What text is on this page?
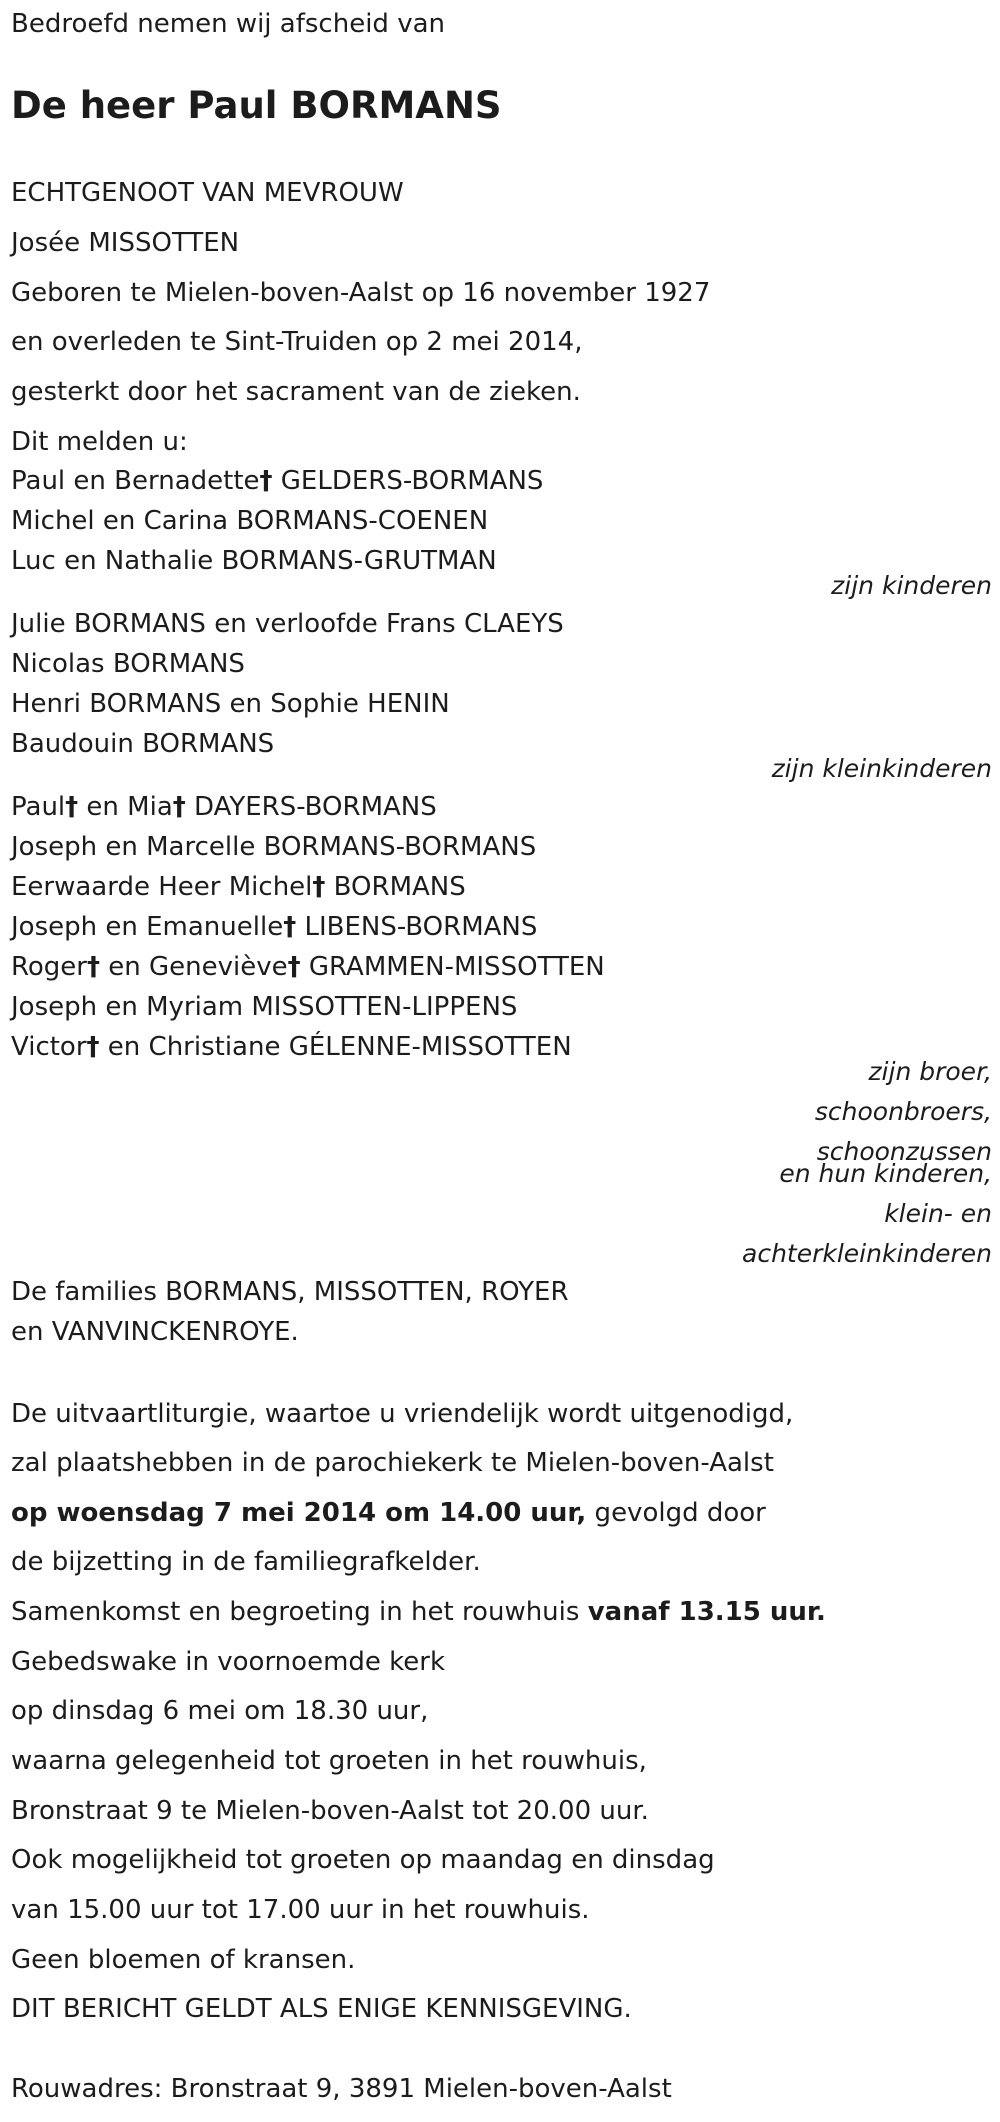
Bedroefd nemen wij afscheid van
De heer Paul BORMANS
ECHTGENOOT VAN MEVROUW
Josée MISSOTTEN
Geboren te Mielen-boven-Aalst op 16 november 1927
en overleden te Sint-Truiden op 2 mei 2014,
gesterkt door het sacrament van de zieken.
Dit melden u:
Paul en Bernadette† GELDERS-BORMANS
Michel en Carina BORMANS-COENEN
Luc en Nathalie BORMANS-GRUTMAN
zijn kinderen
Julie BORMANS en verloofde Frans CLAEYS
Nicolas BORMANS
Henri BORMANS en Sophie HENIN
Baudouin BORMANS
zijn kleinkinderen
Paul† en Mia† DAYERS-BORMANS
Joseph en Marcelle BORMANS-BORMANS
Eerwaarde Heer Michel† BORMANS
Joseph en Emanuelle† LIBENS-BORMANS
Roger† en Geneviève† GRAMMEN-MISSOTTEN
Joseph en Myriam MISSOTTEN-LIPPENS
Victor† en Christiane GÉLENNE-MISSOTTEN
zijn broer,
schoonbroers,
schoonzussen
en hun kinderen,
klein- en
achterkleinkinderen
De families BORMANS, MISSOTTEN, ROYER
en VANVINCKENROYE.
De uitvaartliturgie, waartoe u vriendelijk wordt uitgenodigd,
zal plaatshebben in de parochiekerk te Mielen-boven-Aalst
op woensdag 7 mei 2014 om 14.00 uur, gevolgd door
de bijzetting in de familiegrafkelder.
Samenkomst en begroeting in het rouwhuis vanaf 13.15 uur.
Gebedswake in voornoemde kerk
op dinsdag 6 mei om 18.30 uur,
waarna gelegenheid tot groeten in het rouwhuis,
Bronstraat 9 te Mielen-boven-Aalst tot 20.00 uur.
Ook mogelijkheid tot groeten op maandag en dinsdag
van 15.00 uur tot 17.00 uur in het rouwhuis.
Geen bloemen of kransen.
DIT BERICHT GELDT ALS ENIGE KENNISGEVING.
Rouwadres: Bronstraat 9, 3891 Mielen-boven-Aalst
